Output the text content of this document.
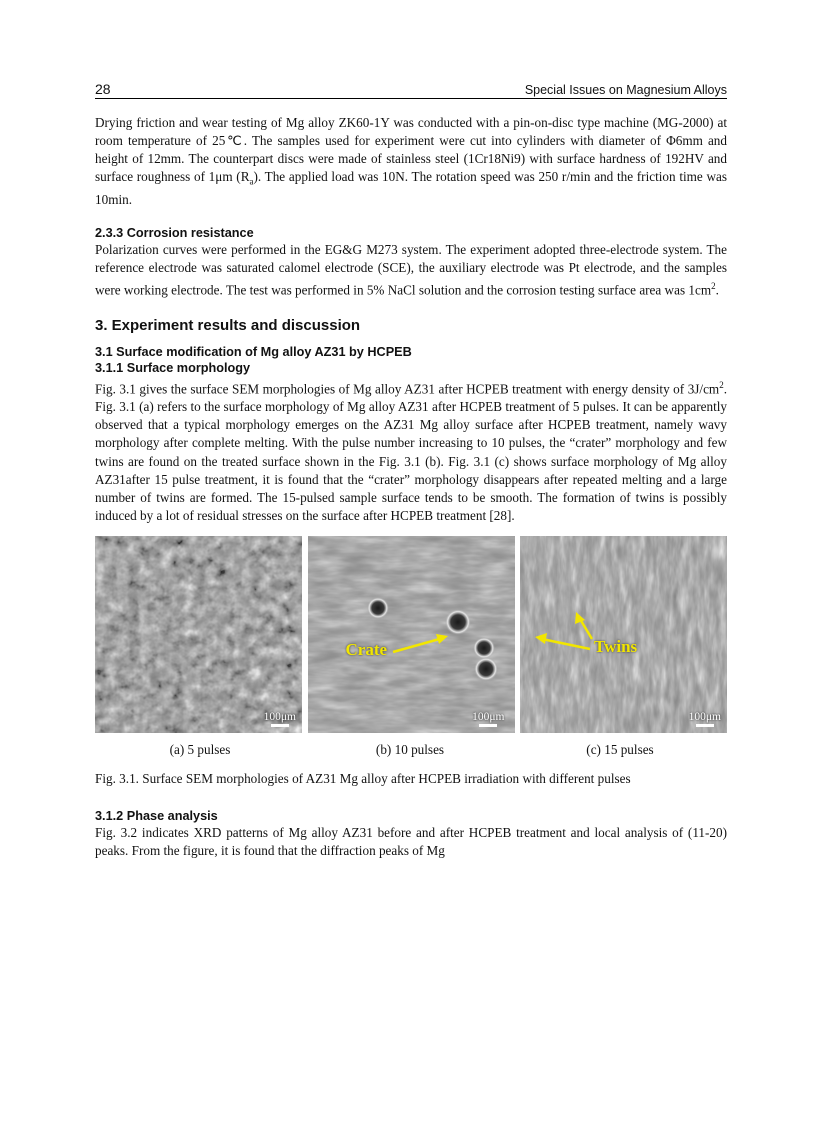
28	Special Issues on Magnesium Alloys

Drying friction and wear testing of Mg alloy ZK60-1Y was conducted with a pin-on-disc type machine (MG-2000) at room temperature of 25℃. The samples used for experiment were cut into cylinders with diameter of Φ6mm and height of 12mm. The counterpart discs were made of stainless steel (1Cr18Ni9) with surface hardness of 192HV and surface roughness of 1μm $(R_a)$. The applied load was 10N. The rotation speed was 250 r/min and the friction time was 10min.

2.3.3 Corrosion resistance

Polarization curves were performed in the EG&G M273 system. The experiment adopted three-electrode system. The reference electrode was saturated calomel electrode (SCE), the auxiliary electrode was Pt electrode, and the samples were working electrode. The test was performed in 5% NaCl solution and the corrosion testing surface area was $1cm^2$.

3. Experiment results and discussion
3.1 Surface modification of Mg alloy AZ31 by HCPEB
3.1.1 Surface morphology

Fig. 3.1 gives the surface SEM morphologies of Mg alloy AZ31 after HCPEB treatment with energy density of $3J/cm^2$. Fig. 3.1 (a) refers to the surface morphology of Mg alloy AZ31 after HCPEB treatment of 5 pulses. It can be apparently observed that a typical morphology emerges on the AZ31 Mg alloy surface after HCPEB treatment, namely wavy morphology after complete melting. With the pulse number increasing to 10 pulses, the “crater” morphology and few twins are found on the treated surface shown in the Fig. 3.1 (b). Fig. 3.1 (c) shows surface morphology of Mg alloy AZ31after 15 pulse treatment, it is found that the “crater” morphology disappears after repeated melting and a large number of twins are formed. The 15-pulsed sample surface tends to be smooth. The formation of twins is possibly induced by a lot of residual stresses on the surface after HCPEB treatment [28].

100μm
Crate
100μm
Twins
100μm
(a) 5 pulses	(b) 10 pulses	(c) 15 pulses

Fig. 3.1. Surface SEM morphologies of AZ31 Mg alloy after HCPEB irradiation with different pulses

3.1.2 Phase analysis

Fig. 3.2 indicates XRD patterns of Mg alloy AZ31 before and after HCPEB treatment and local analysis of (11-20) peaks. From the figure, it is found that the diffraction peaks of Mg
